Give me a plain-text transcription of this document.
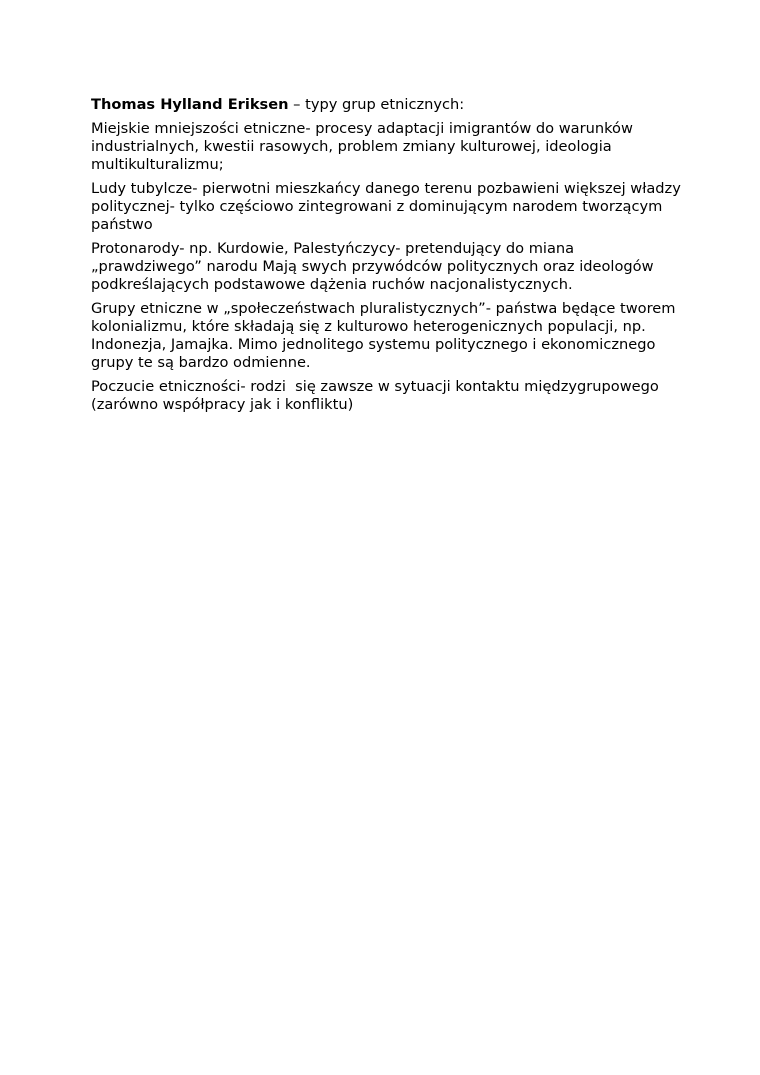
Thomas Hylland Eriksen – typy grup etnicznych:

Miejskie mniejszości etniczne- procesy adaptacji imigrantów do warunków industrialnych, kwestii rasowych, problem zmiany kulturowej, ideologia multikulturalizmu;

Ludy tubylcze- pierwotni mieszkańcy danego terenu pozbawieni większej władzy politycznej- tylko częściowo zintegrowani z dominującym narodem tworzącym państwo

Protonarody- np. Kurdowie, Palestyńczycy- pretendujący do miana „prawdziwego” narodu Mają swych przywódców politycznych oraz ideologów podkreślających podstawowe dążenia ruchów nacjonalistycznych.

Grupy etniczne w „społeczeństwach pluralistycznych”- państwa będące tworem kolonializmu, które składają się z kulturowo heterogenicznych populacji, np. Indonezja, Jamajka. Mimo jednolitego systemu politycznego i ekonomicznego grupy te są bardzo odmienne.

Poczucie etniczności- rodzi  się zawsze w sytuacji kontaktu międzygrupowego (zarówno współpracy jak i konfliktu)
